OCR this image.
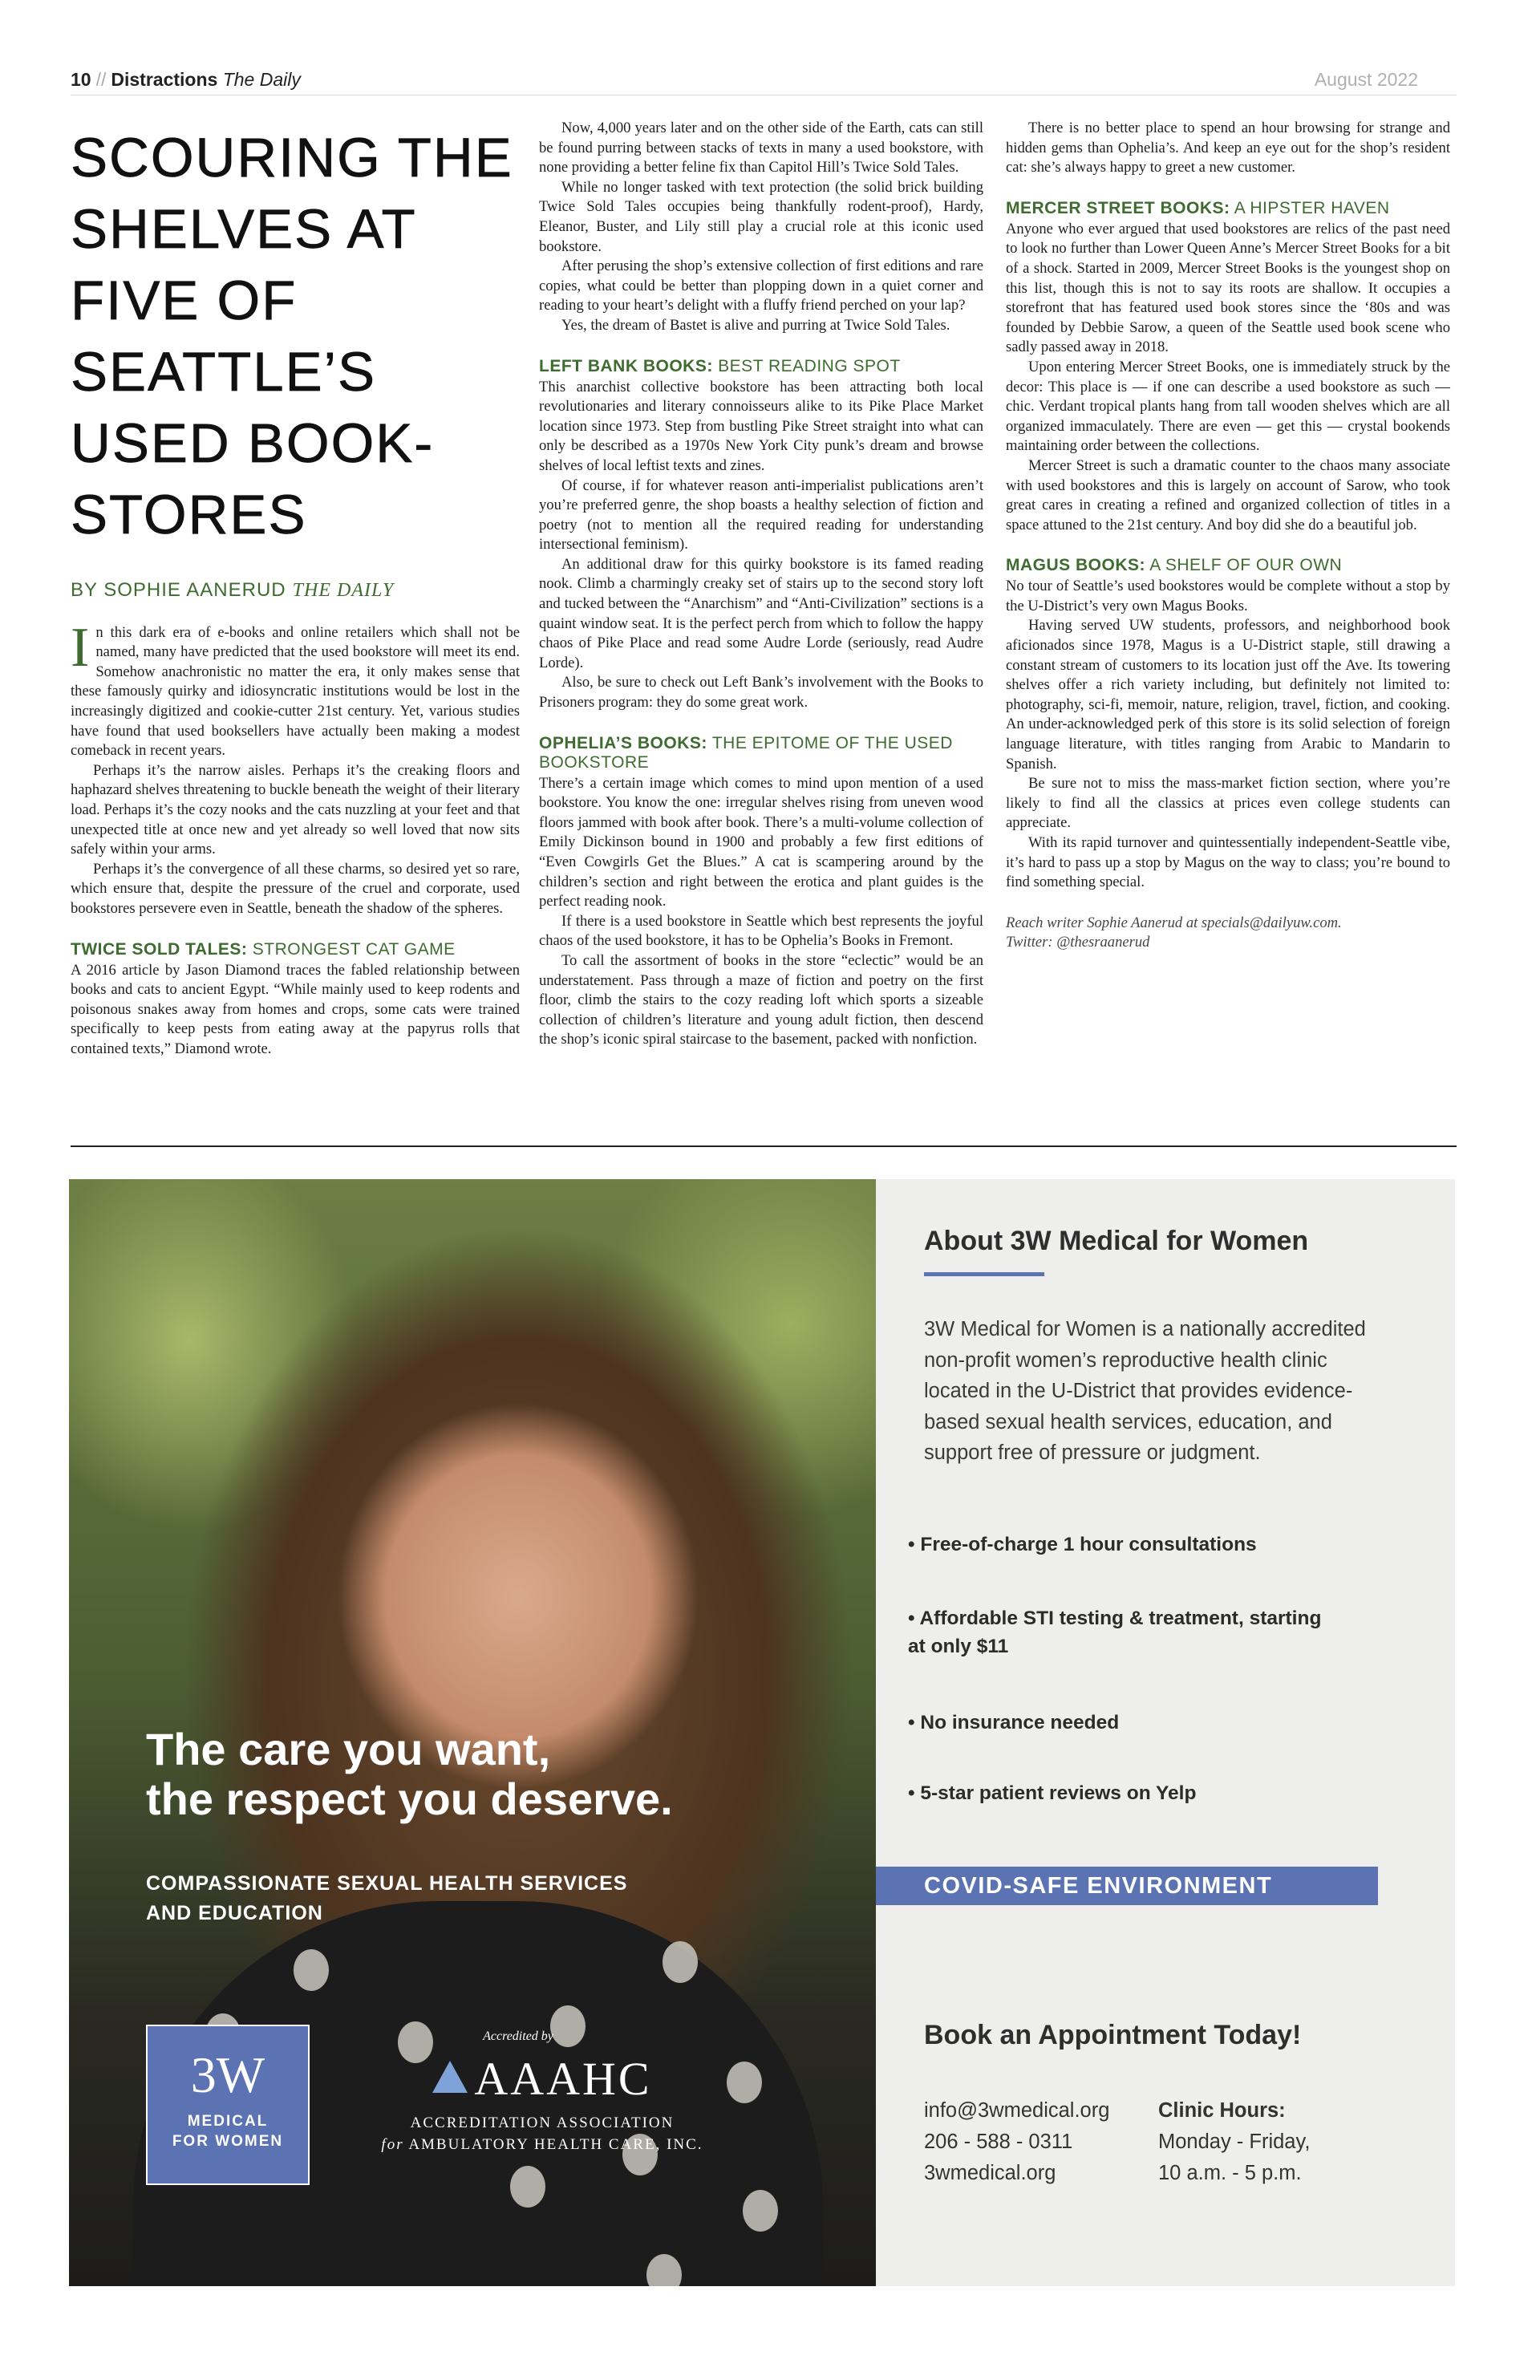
10 // Distractions The Daily	August 2022
SCOURING THE SHELVES AT FIVE OF SEATTLE’S USED BOOK-STORES
BY SOPHIE AANERUD THE DAILY

In this dark era of e-books and online retailers which shall not be named, many have predicted that the used bookstore will meet its end. Somehow anachronistic no matter the era, it only makes sense that these famously quirky and idiosyncratic institutions would be lost in the increasingly digitized and cookie-cutter 21st century. Yet, various studies have found that used booksellers have actually been making a modest comeback in recent years.

Perhaps it’s the narrow aisles. Perhaps it’s the creaking floors and haphazard shelves threatening to buckle beneath the weight of their literary load. Perhaps it’s the cozy nooks and the cats nuzzling at your feet and that unexpected title at once new and yet already so well loved that now sits safely within your arms.

Perhaps it’s the convergence of all these charms, so desired yet so rare, which ensure that, despite the pressure of the cruel and corporate, used bookstores persevere even in Seattle, beneath the shadow of the spheres.

TWICE SOLD TALES: STRONGEST CAT GAME

A 2016 article by Jason Diamond traces the fabled relationship between books and cats to ancient Egypt. “While mainly used to keep rodents and poisonous snakes away from homes and crops, some cats were trained specifically to keep pests from eating away at the papyrus rolls that contained texts,” Diamond wrote.

Now, 4,000 years later and on the other side of the Earth, cats can still be found purring between stacks of texts in many a used bookstore, with none providing a better feline fix than Capitol Hill’s Twice Sold Tales.

While no longer tasked with text protection (the solid brick building Twice Sold Tales occupies being thankfully rodent-proof), Hardy, Eleanor, Buster, and Lily still play a crucial role at this iconic used bookstore.

After perusing the shop’s extensive collection of first editions and rare copies, what could be better than plopping down in a quiet corner and reading to your heart’s delight with a fluffy friend perched on your lap?

Yes, the dream of Bastet is alive and purring at Twice Sold Tales.

LEFT BANK BOOKS: BEST READING SPOT

This anarchist collective bookstore has been attracting both local revolutionaries and literary connoisseurs alike to its Pike Place Market location since 1973. Step from bustling Pike Street straight into what can only be described as a 1970s New York City punk’s dream and browse shelves of local leftist texts and zines.

Of course, if for whatever reason anti-imperialist publications aren’t you’re preferred genre, the shop boasts a healthy selection of fiction and poetry (not to mention all the required reading for understanding intersectional feminism).

An additional draw for this quirky bookstore is its famed reading nook. Climb a charmingly creaky set of stairs up to the second story loft and tucked between the “Anarchism” and “Anti-Civilization” sections is a quaint window seat. It is the perfect perch from which to follow the happy chaos of Pike Place and read some Audre Lorde (seriously, read Audre Lorde).

Also, be sure to check out Left Bank’s involvement with the Books to Prisoners program: they do some great work.

OPHELIA’S BOOKS: THE EPITOME OF THE USED BOOKSTORE

There’s a certain image which comes to mind upon mention of a used bookstore. You know the one: irregular shelves rising from uneven wood floors jammed with book after book. There’s a multi-volume collection of Emily Dickinson bound in 1900 and probably a few first editions of “Even Cowgirls Get the Blues.” A cat is scampering around by the children’s section and right between the erotica and plant guides is the perfect reading nook.

If there is a used bookstore in Seattle which best represents the joyful chaos of the used bookstore, it has to be Ophelia’s Books in Fremont.

To call the assortment of books in the store “eclectic” would be an understatement. Pass through a maze of fiction and poetry on the first floor, climb the stairs to the cozy reading loft which sports a sizeable collection of children’s literature and young adult fiction, then descend the shop’s iconic spiral staircase to the basement, packed with nonfiction.

There is no better place to spend an hour browsing for strange and hidden gems than Ophelia’s. And keep an eye out for the shop’s resident cat: she’s always happy to greet a new customer.

MERCER STREET BOOKS: A HIPSTER HAVEN

Anyone who ever argued that used bookstores are relics of the past need to look no further than Lower Queen Anne’s Mercer Street Books for a bit of a shock. Started in 2009, Mercer Street Books is the youngest shop on this list, though this is not to say its roots are shallow. It occupies a storefront that has featured used book stores since the ‘80s and was founded by Debbie Sarow, a queen of the Seattle used book scene who sadly passed away in 2018.

Upon entering Mercer Street Books, one is immediately struck by the decor: This place is — if one can describe a used bookstore as such — chic. Verdant tropical plants hang from tall wooden shelves which are all organized immaculately. There are even — get this — crystal bookends maintaining order between the collections.

Mercer Street is such a dramatic counter to the chaos many associate with used bookstores and this is largely on account of Sarow, who took great cares in creating a refined and organized collection of titles in a space attuned to the 21st century. And boy did she do a beautiful job.

MAGUS BOOKS: A SHELF OF OUR OWN

No tour of Seattle’s used bookstores would be complete without a stop by the U-District’s very own Magus Books.

Having served UW students, professors, and neighborhood book aficionados since 1978, Magus is a U-District staple, still drawing a constant stream of customers to its location just off the Ave. Its towering shelves offer a rich variety including, but definitely not limited to: photography, sci-fi, memoir, nature, religion, travel, fiction, and cooking. An under-acknowledged perk of this store is its solid selection of foreign language literature, with titles ranging from Arabic to Mandarin to Spanish.

Be sure not to miss the mass-market fiction section, where you’re likely to find all the classics at prices even college students can appreciate.

With its rapid turnover and quintessentially independent-Seattle vibe, it’s hard to pass up a stop by Magus on the way to class; you’re bound to find something special.

Reach writer Sophie Aanerud at specials@dailyuw.com.
Twitter: @thesraanerud
The care you want,
the respect you deserve.
COMPASSIONATE SEXUAL HEALTH SERVICES
AND EDUCATION
3W
MEDICAL
FOR WOMEN
Accredited by
AAAHC
ACCREDITATION ASSOCIATION
for AMBULATORY HEALTH CARE, INC.
About 3W Medical for Women
3W Medical for Women is a nationally accredited non-profit women’s reproductive health clinic located in the U-District that provides evidence-based sexual health services, education, and support free of pressure or judgment.
• Free-of-charge 1 hour consultations
• Affordable STI testing & treatment, starting at only $11
• No insurance needed
• 5-star patient reviews on Yelp
COVID-SAFE ENVIRONMENT
Book an Appointment Today!
info@3wmedical.org
206 - 588 - 0311
3wmedical.org
Clinic Hours:
Monday - Friday,
10 a.m. - 5 p.m.
